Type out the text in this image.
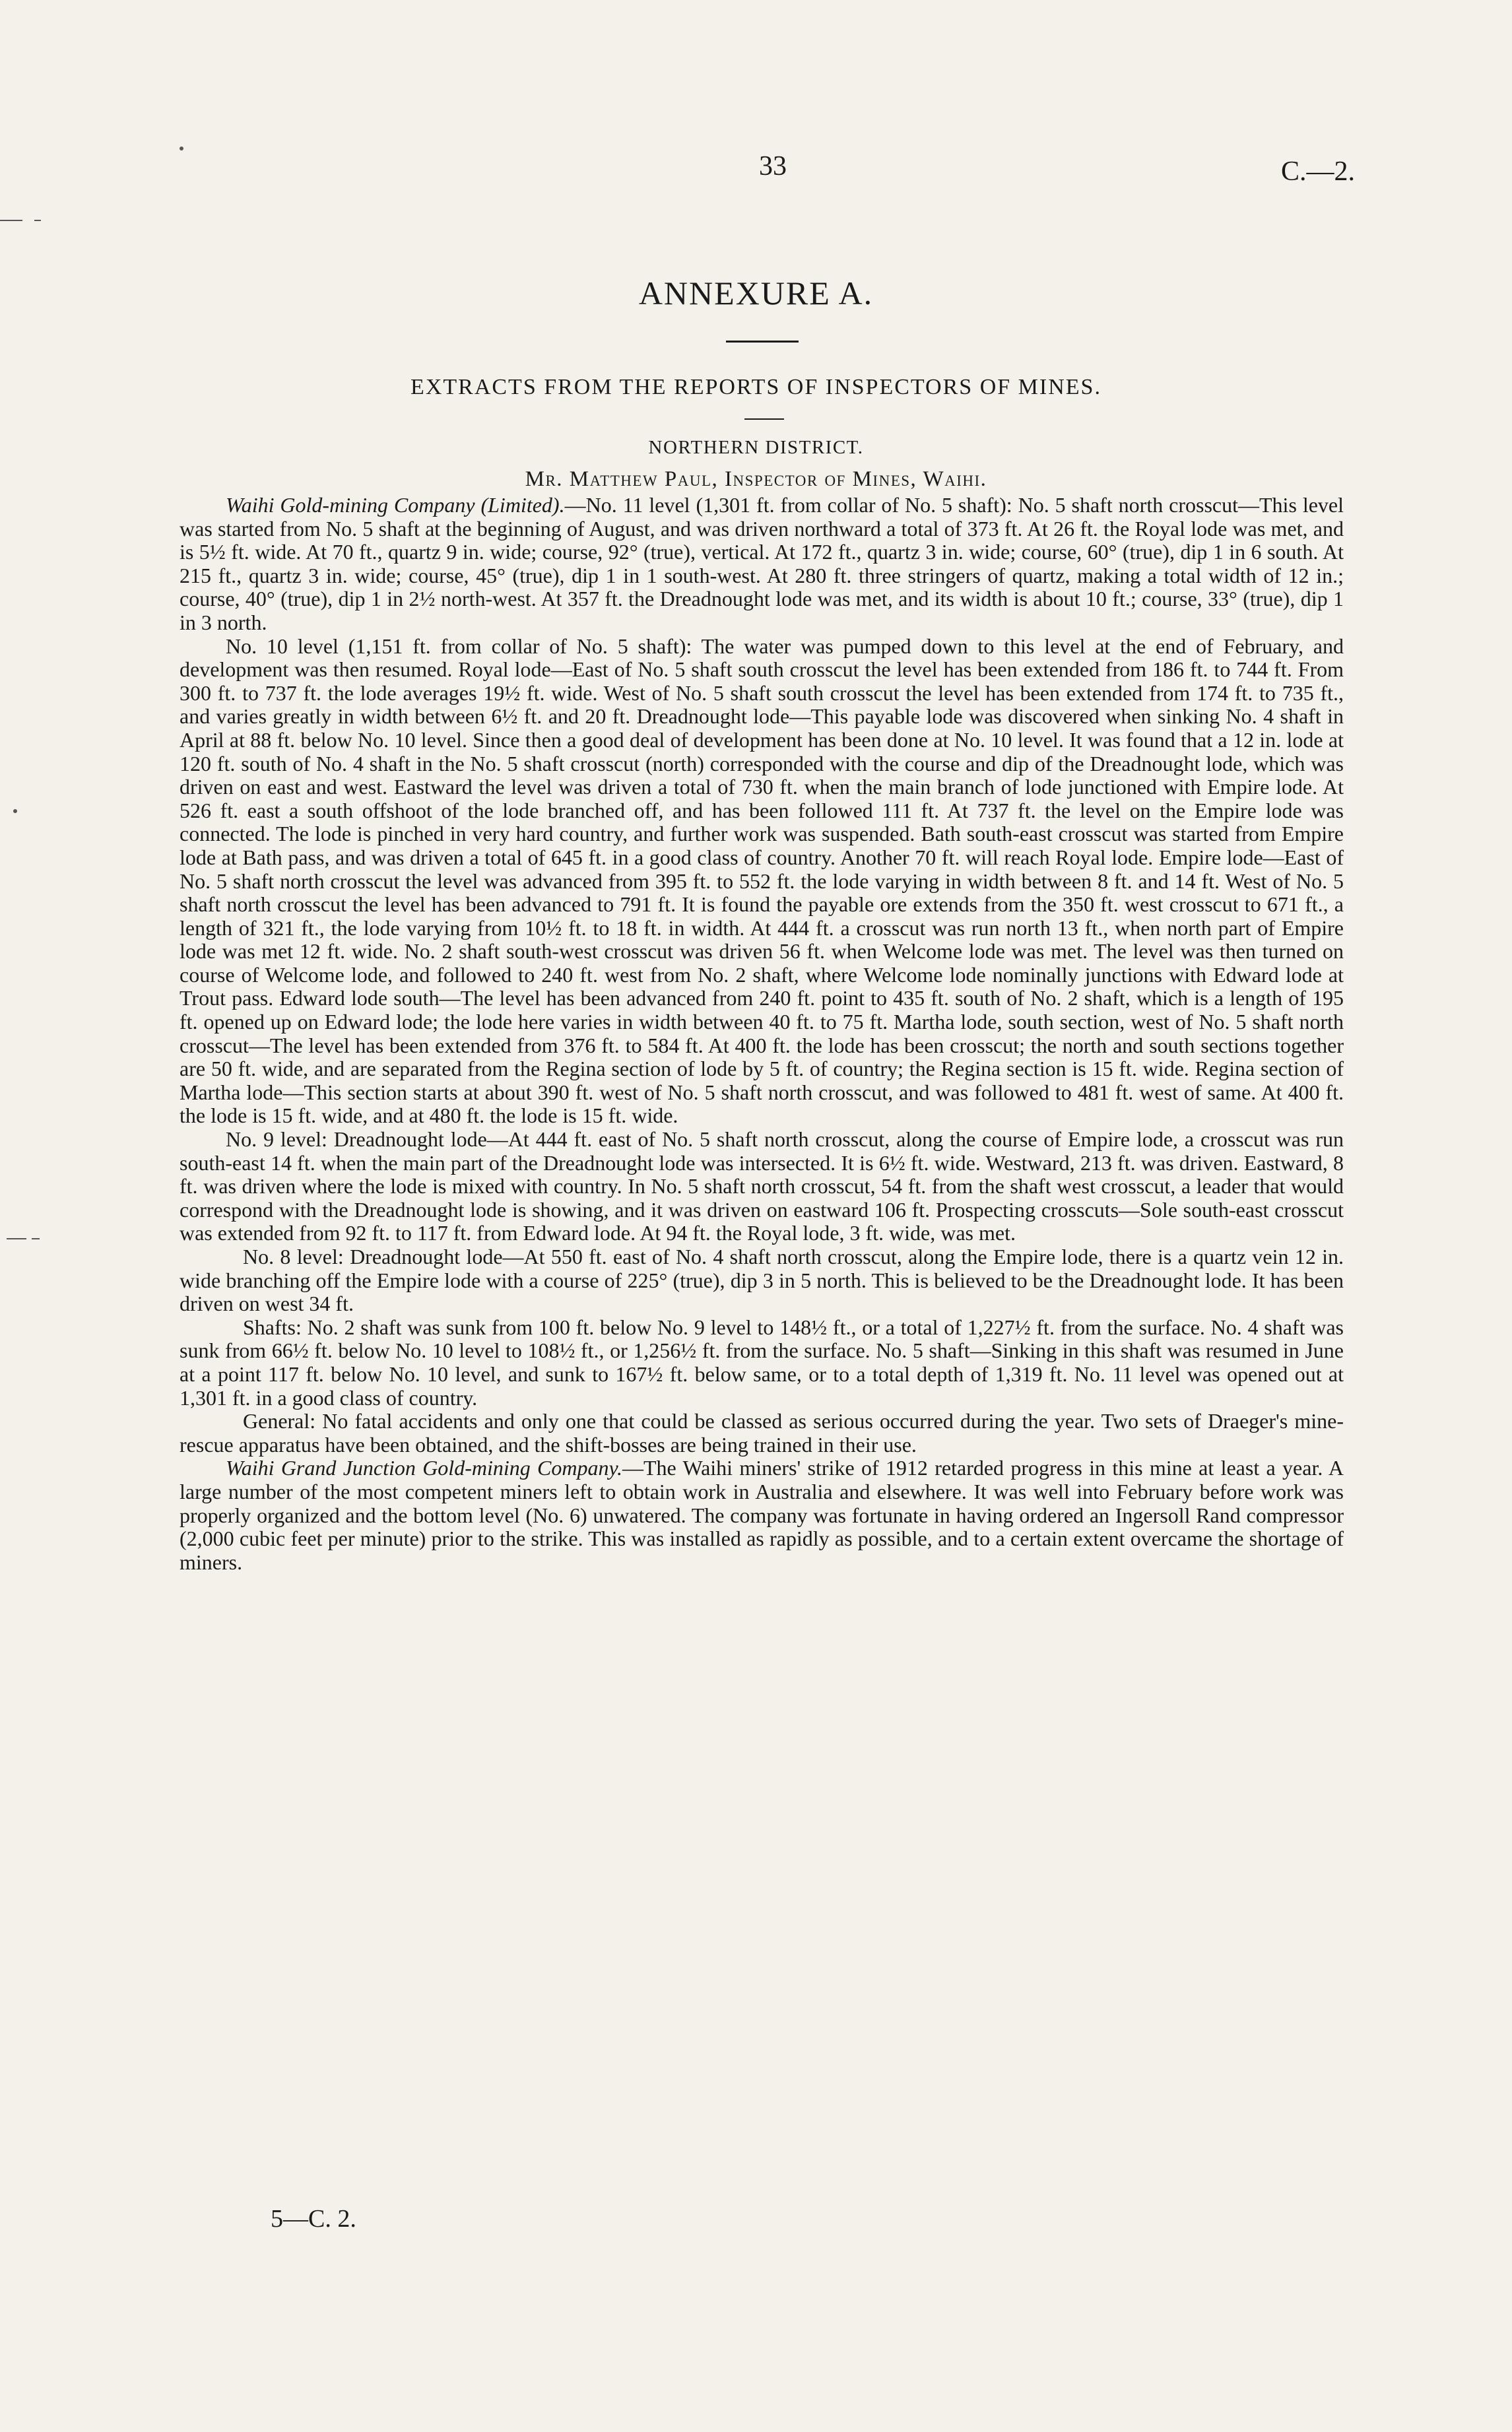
33	C.—2.
ANNEXURE A.
EXTRACTS FROM THE REPORTS OF INSPECTORS OF MINES.
NORTHERN DISTRICT.
Mr. Matthew Paul, Inspector of Mines, Waihi.

Waihi Gold-mining Company (Limited).—No. 11 level (1,301 ft. from collar of No. 5 shaft): No. 5 shaft north crosscut—This level was started from No. 5 shaft at the beginning of August, and was driven northward a total of 373 ft. At 26 ft. the Royal lode was met, and is 5½ ft. wide. At 70 ft., quartz 9 in. wide; course, 92° (true), vertical. At 172 ft., quartz 3 in. wide; course, 60° (true), dip 1 in 6 south. At 215 ft., quartz 3 in. wide; course, 45° (true), dip 1 in 1 south-west. At 280 ft. three stringers of quartz, making a total width of 12 in.; course, 40° (true), dip 1 in 2½ north-west. At 357 ft. the Dreadnought lode was met, and its width is about 10 ft.; course, 33° (true), dip 1 in 3 north.

No. 10 level (1,151 ft. from collar of No. 5 shaft): The water was pumped down to this level at the end of February, and development was then resumed. Royal lode—East of No. 5 shaft south crosscut the level has been extended from 186 ft. to 744 ft. From 300 ft. to 737 ft. the lode averages 19½ ft. wide. West of No. 5 shaft south crosscut the level has been extended from 174 ft. to 735 ft., and varies greatly in width between 6½ ft. and 20 ft. Dreadnought lode—This payable lode was discovered when sinking No. 4 shaft in April at 88 ft. below No. 10 level. Since then a good deal of development has been done at No. 10 level. It was found that a 12 in. lode at 120 ft. south of No. 4 shaft in the No. 5 shaft crosscut (north) corresponded with the course and dip of the Dreadnought lode, which was driven on east and west. Eastward the level was driven a total of 730 ft. when the main branch of lode junctioned with Empire lode. At 526 ft. east a south offshoot of the lode branched off, and has been followed 111 ft. At 737 ft. the level on the Empire lode was connected. The lode is pinched in very hard country, and further work was suspended. Bath south-east crosscut was started from Empire lode at Bath pass, and was driven a total of 645 ft. in a good class of country. Another 70 ft. will reach Royal lode. Empire lode—East of No. 5 shaft north crosscut the level was advanced from 395 ft. to 552 ft. the lode varying in width between 8 ft. and 14 ft. West of No. 5 shaft north crosscut the level has been advanced to 791 ft. It is found the payable ore extends from the 350 ft. west crosscut to 671 ft., a length of 321 ft., the lode varying from 10½ ft. to 18 ft. in width. At 444 ft. a crosscut was run north 13 ft., when north part of Empire lode was met 12 ft. wide. No. 2 shaft south-west crosscut was driven 56 ft. when Welcome lode was met. The level was then turned on course of Welcome lode, and followed to 240 ft. west from No. 2 shaft, where Welcome lode nominally junctions with Edward lode at Trout pass. Edward lode south—The level has been advanced from 240 ft. point to 435 ft. south of No. 2 shaft, which is a length of 195 ft. opened up on Edward lode; the lode here varies in width between 40 ft. to 75 ft. Martha lode, south section, west of No. 5 shaft north crosscut—The level has been extended from 376 ft. to 584 ft. At 400 ft. the lode has been crosscut; the north and south sections together are 50 ft. wide, and are separated from the Regina section of lode by 5 ft. of country; the Regina section is 15 ft. wide. Regina section of Martha lode—This section starts at about 390 ft. west of No. 5 shaft north crosscut, and was followed to 481 ft. west of same. At 400 ft. the lode is 15 ft. wide, and at 480 ft. the lode is 15 ft. wide.

No. 9 level: Dreadnought lode—At 444 ft. east of No. 5 shaft north crosscut, along the course of Empire lode, a crosscut was run south-east 14 ft. when the main part of the Dreadnought lode was intersected. It is 6½ ft. wide. Westward, 213 ft. was driven. Eastward, 8 ft. was driven where the lode is mixed with country. In No. 5 shaft north crosscut, 54 ft. from the shaft west crosscut, a leader that would correspond with the Dreadnought lode is showing, and it was driven on eastward 106 ft. Prospecting crosscuts—Sole south-east crosscut was extended from 92 ft. to 117 ft. from Edward lode. At 94 ft. the Royal lode, 3 ft. wide, was met.

No. 8 level: Dreadnought lode—At 550 ft. east of No. 4 shaft north crosscut, along the Empire lode, there is a quartz vein 12 in. wide branching off the Empire lode with a course of 225° (true), dip 3 in 5 north. This is believed to be the Dreadnought lode. It has been driven on west 34 ft.

Shafts: No. 2 shaft was sunk from 100 ft. below No. 9 level to 148½ ft., or a total of 1,227½ ft. from the surface. No. 4 shaft was sunk from 66½ ft. below No. 10 level to 108½ ft., or 1,256½ ft. from the surface. No. 5 shaft—Sinking in this shaft was resumed in June at a point 117 ft. below No. 10 level, and sunk to 167½ ft. below same, or to a total depth of 1,319 ft. No. 11 level was opened out at 1,301 ft. in a good class of country.

General: No fatal accidents and only one that could be classed as serious occurred during the year. Two sets of Draeger's mine-rescue apparatus have been obtained, and the shift-bosses are being trained in their use.

Waihi Grand Junction Gold-mining Company.—The Waihi miners' strike of 1912 retarded progress in this mine at least a year. A large number of the most competent miners left to obtain work in Australia and elsewhere. It was well into February before work was properly organized and the bottom level (No. 6) unwatered. The company was fortunate in having ordered an Ingersoll Rand compressor (2,000 cubic feet per minute) prior to the strike. This was installed as rapidly as possible, and to a certain extent overcame the shortage of miners.

5—C. 2.
